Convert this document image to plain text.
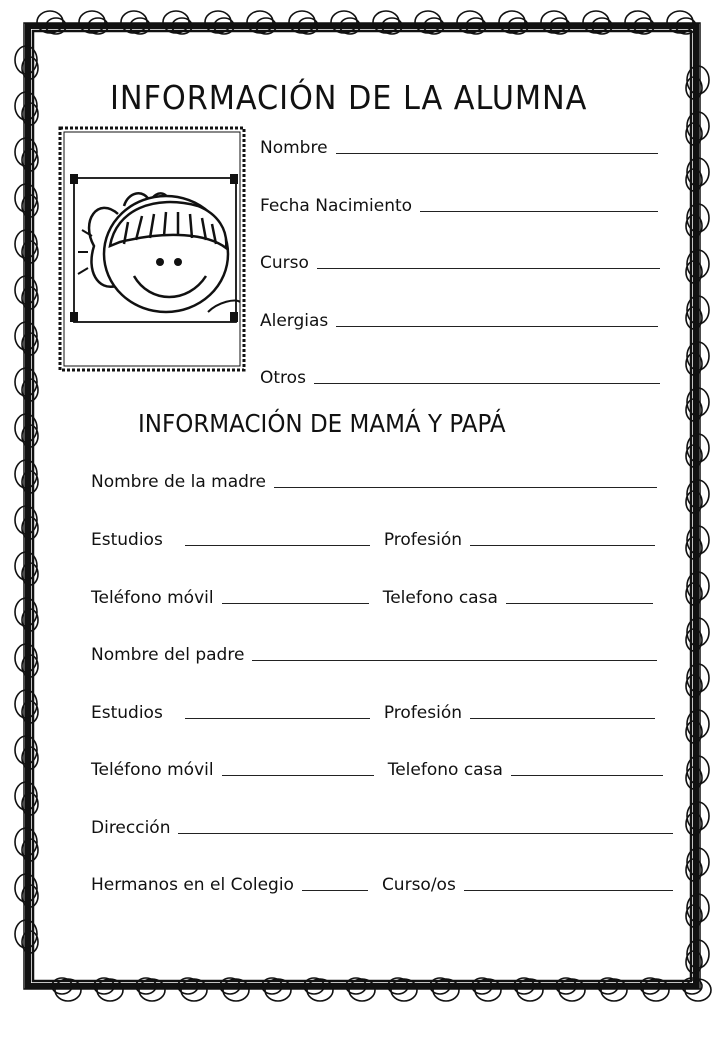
INFORMACIÓN DE LA ALUMNA
Nombre
Fecha Nacimiento
Curso
Alergias
Otros
INFORMACIÓN DE MAMÁ Y PAPÁ
Nombre de la madre
Estudios	Profesión
Teléfono móvil	Telefono casa
Nombre del padre
Estudios	Profesión
Teléfono móvil	Telefono casa
Dirección
Hermanos en el Colegio	Curso/os
